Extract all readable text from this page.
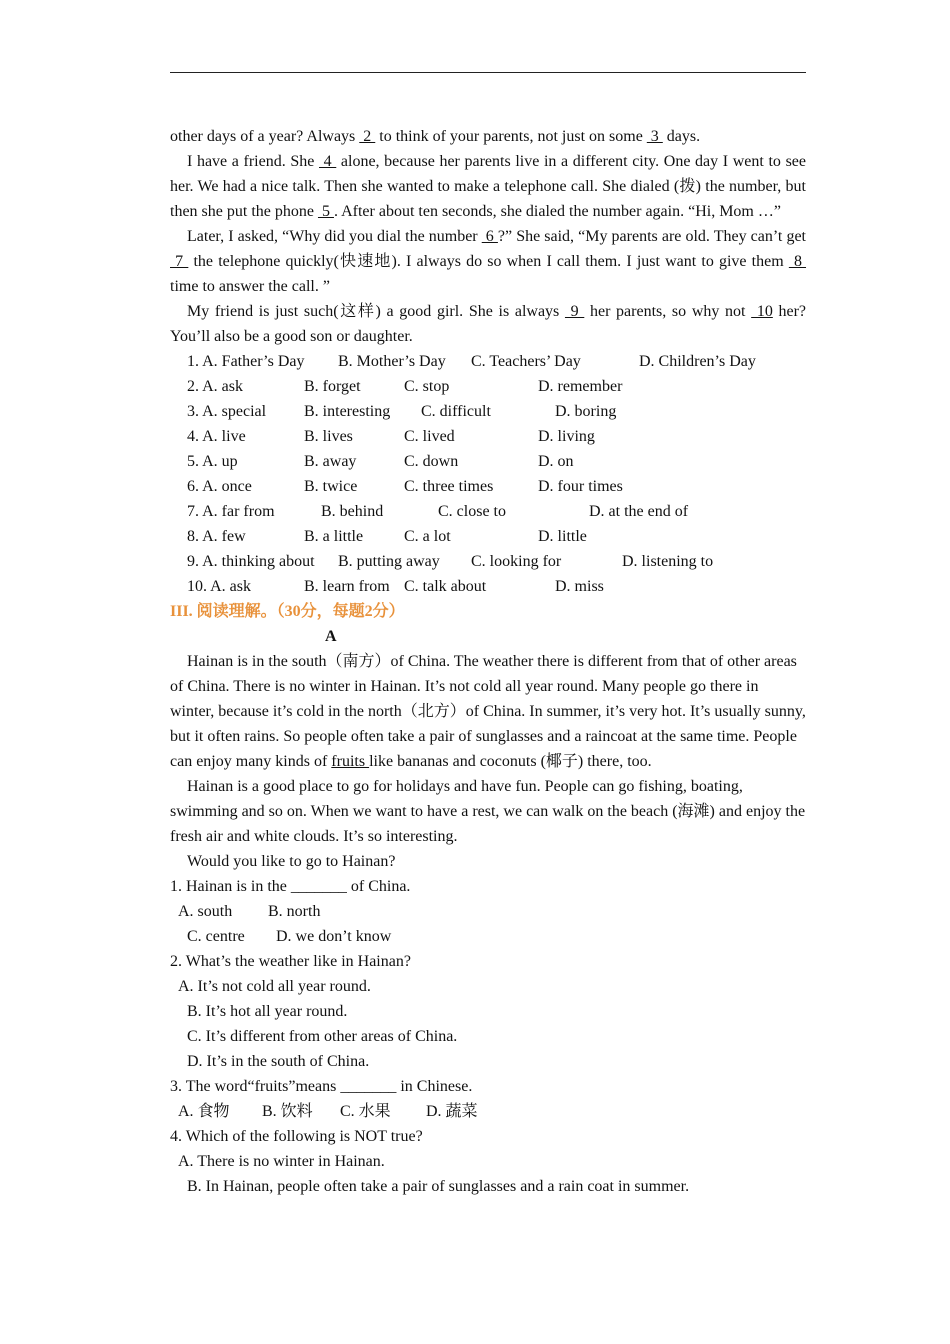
other days of a year? Always  2  to think of your parents, not just on some  3  days.

I have a friend. She  4  alone, because her parents live in a different city. One day I went to see her. We had a nice talk. Then she wanted to make a telephone call. She dialed (拨) the number, but then she put the phone  5 . After about ten seconds, she dialed the number again. “Hi, Mom …”

Later, I asked, “Why did you dial the number  6 ?” She said, “My parents are old. They can’t get  7  the telephone quickly(快速地). I always do so when I call them. I just want to give them  8  time to answer the call. ”

My friend is just such(这样) a good girl. She is always  9  her parents, so why not  10 her? You’ll also be a good son or daughter.

1. A. Father’s Day B. Mother’s Day C. Teachers’ Day	D. Children’s Day
2. A. ask	B. forget	C. stop	D. remember
3. A. special B. interesting C. difficult	D. boring
4. A. live	B. lives	C. lived	D. living
5. A. up	B. away	C. down	D. on
6. A. once	B. twice	C. three times	D. four times
7. A. far from	B. behind	C. close to	D. at the end of
8. A. few	B. a little	C. a lot	D. little
9. A. thinking about B. putting away C. looking for	D. listening to
10. A. ask	B. learn from C. talk about	D. miss

III. 阅读理解。（30分，每题2分）

A

Hainan is in the south（南方）of China. The weather there is different from that of other areas of China. There is no winter in Hainan. It’s not cold all year round. Many people go there in winter, because it’s cold in the north（北方）of China. In summer, it’s very hot. It’s usually sunny, but it often rains. So people often take a pair of sunglasses and a raincoat at the same time. People can enjoy many kinds of fruits like bananas and coconuts (椰子) there, too.

Hainan is a good place to go for holidays and have fun. People can go fishing, boating, swimming and so on. When we want to have a rest, we can walk on the beach (海滩) and enjoy the fresh air and white clouds. It’s so interesting.

Would you like to go to Hainan?

1. Hainan is in the _______ of China.

A. south B. north
C. centre D. we don’t know

2. What’s the weather like in Hainan?

A. It’s not cold all year round.
B. It’s hot all year round.
C. It’s different from other areas of China.
D. It’s in the south of China.

3. The word“fruits”means _______ in Chinese.

A. 食物 B. 饮料 C. 水果 D. 蔬菜

4. Which of the following is NOT true?

A. There is no winter in Hainan.
B. In Hainan, people often take a pair of sunglasses and a rain coat in summer.
